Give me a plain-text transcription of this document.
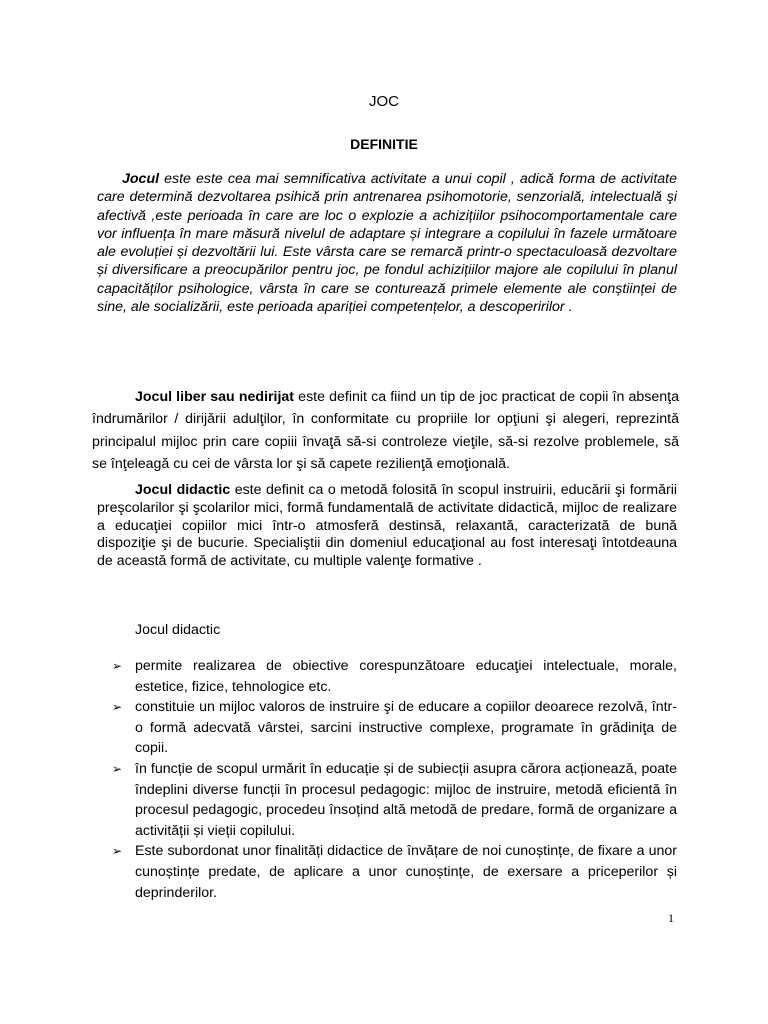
JOC
DEFINITIE

Jocul este este cea mai semnificativa activitate a unui copil , adică forma de activitate care determină dezvoltarea psihică prin antrenarea psihomotorie, senzorială, intelectuală şi afectivă ,este perioada în care are loc o explozie a achizițiilor psihocomportamentale care vor influența în mare măsură nivelul de adaptare și integrare a copilului în fazele următoare ale evoluției și dezvoltării lui. Este vârsta care se remarcă printr-o spectaculoasă dezvoltare și diversificare a preocupărilor pentru joc, pe fondul achizițiilor majore ale copilului în planul capacităților psihologice, vârsta în care se conturează primele elemente ale conștiinței de sine, ale socializării, este perioada apariției competențelor, a descoperirilor .

Jocul liber sau nedirijat este definit ca fiind un tip de joc practicat de copii în absenţa îndrumărilor / dirijării adulţilor, în conformitate cu propriile lor opţiuni şi alegeri, reprezintă principalul mijloc prin care copiii învaţă să-si controleze vieţile, să-si rezolve problemele, să se înţeleagă cu cei de vârsta lor şi să capete rezilienţă emoţională.

Jocul didactic este definit ca o metodă folosită în scopul instruirii, educării şi formării preşcolarilor şi şcolarilor mici, formă fundamentală de activitate didactică, mijloc de realizare a educaţiei copiilor mici într-o atmosferă destinsă, relaxantă, caracterizată de bună dispoziţie şi de bucurie. Specialiştii din domeniul educaţional au fost interesaţi întotdeauna de această formă de activitate, cu multiple valenţe formative .

Jocul didactic

➢ permite realizarea de obiective corespunzătoare educaţiei intelectuale, morale, estetice, fizice, tehnologice etc.
➢ constituie un mijloc valoros de instruire şi de educare a copiilor deoarece rezolvă, într-o formă adecvată vârstei, sarcini instructive complexe, programate în grădiniţa de copii.
➢ în funcție de scopul urmărit în educație și de subiecții asupra cărora acționează, poate îndeplini diverse funcții în procesul pedagogic: mijloc de instruire, metodă eficientă în procesul pedagogic, procedeu însoțind altă metodă de predare, formă de organizare a activității și vieții copilului.
➢ Este subordonat unor finalități didactice de învățare de noi cunoștințe, de fixare a unor cunoștințe predate, de aplicare a unor cunoștințe, de exersare a priceperilor și deprinderilor.
1
